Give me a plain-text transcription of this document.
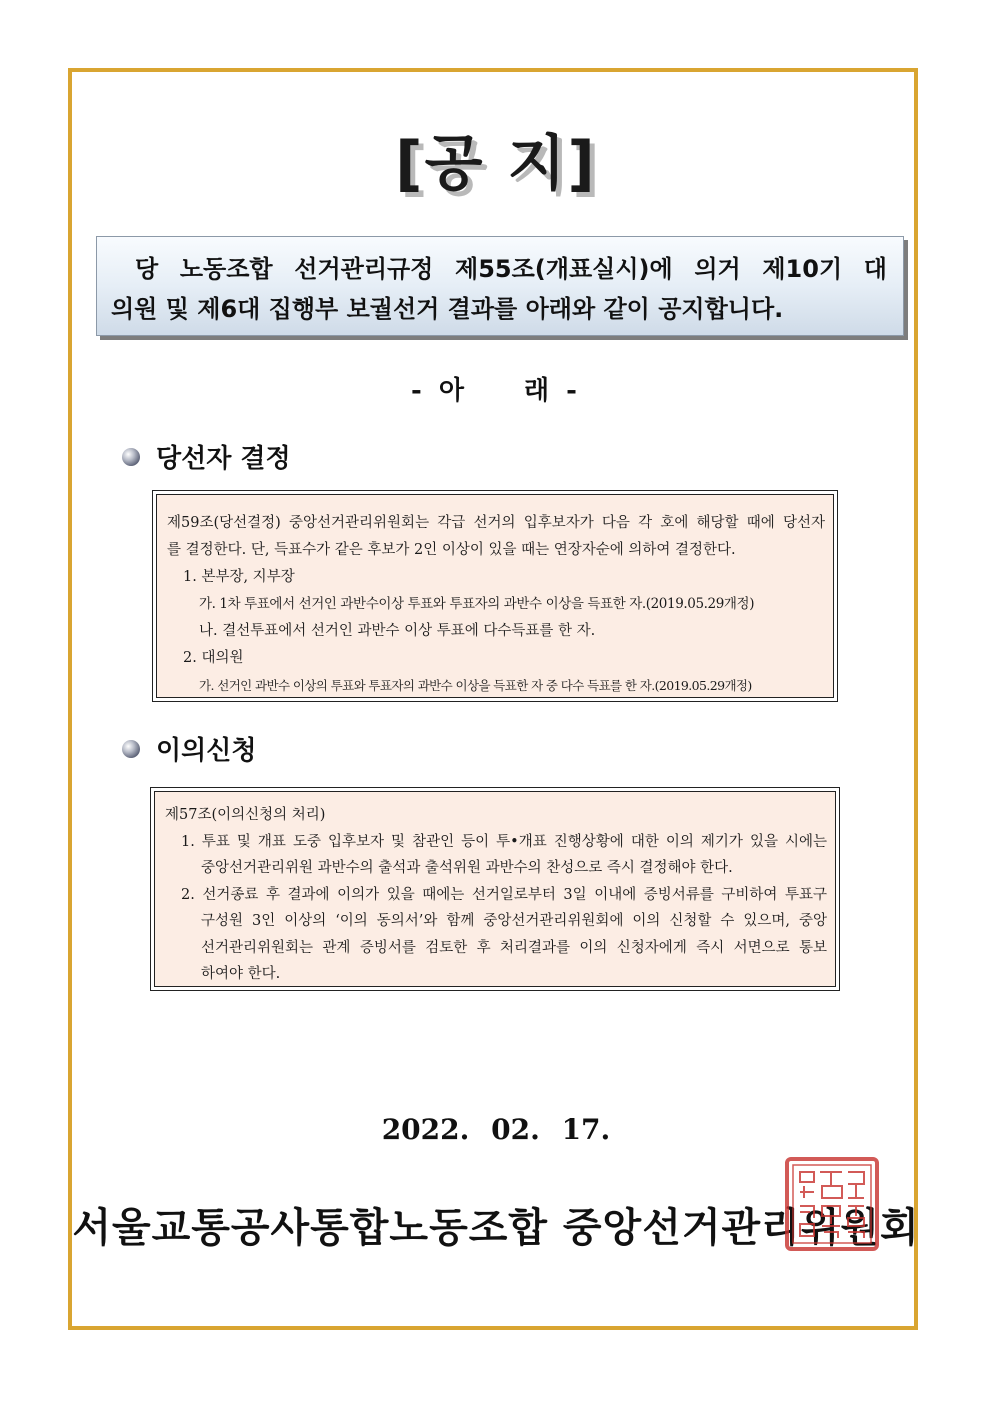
[공 지]
당 노동조합 선거관리규정 제55조(개표실시)에 의거 제10기 대
의원 및 제6대 집행부 보궐선거 결과를 아래와 같이 공지합니다.
- 아 래 -
당선자 결정
제59조(당선결정) 중앙선거관리위원회는 각급 선거의 입후보자가 다음 각 호에 해당할 때에 당선자
를 결정한다. 단, 득표수가 같은 후보가 2인 이상이 있을 때는 연장자순에 의하여 결정한다.
1. 본부장, 지부장
가. 1차 투표에서 선거인 과반수이상 투표와 투표자의 과반수 이상을 득표한 자.(2019.05.29개정)
나. 결선투표에서 선거인 과반수 이상 투표에 다수득표를 한 자.
2. 대의원
가. 선거인 과반수 이상의 투표와 투표자의 과반수 이상을 득표한 자 중 다수 득표를 한 자.(2019.05.29개정)
이의신청
제57조(이의신청의 처리)
1. 투표 및 개표 도중 입후보자 및 참관인 등이 투•개표 진행상황에 대한 이의 제기가 있을 시에는
중앙선거관리위원 과반수의 출석과 출석위원 과반수의 찬성으로 즉시 결정해야 한다.
2. 선거종료 후 결과에 이의가 있을 때에는 선거일로부터 3일 이내에 증빙서류를 구비하여 투표구
구성원 3인 이상의 ‘이의 동의서’와 함께 중앙선거관리위원회에 이의 신청할 수 있으며, 중앙
선거관리위원회는 관계 증빙서를 검토한 후 처리결과를 이의 신청자에게 즉시 서면으로 통보
하여야 한다.
2022. 02. 17.
서울교통공사통합노동조합 중앙선거관리위원회
